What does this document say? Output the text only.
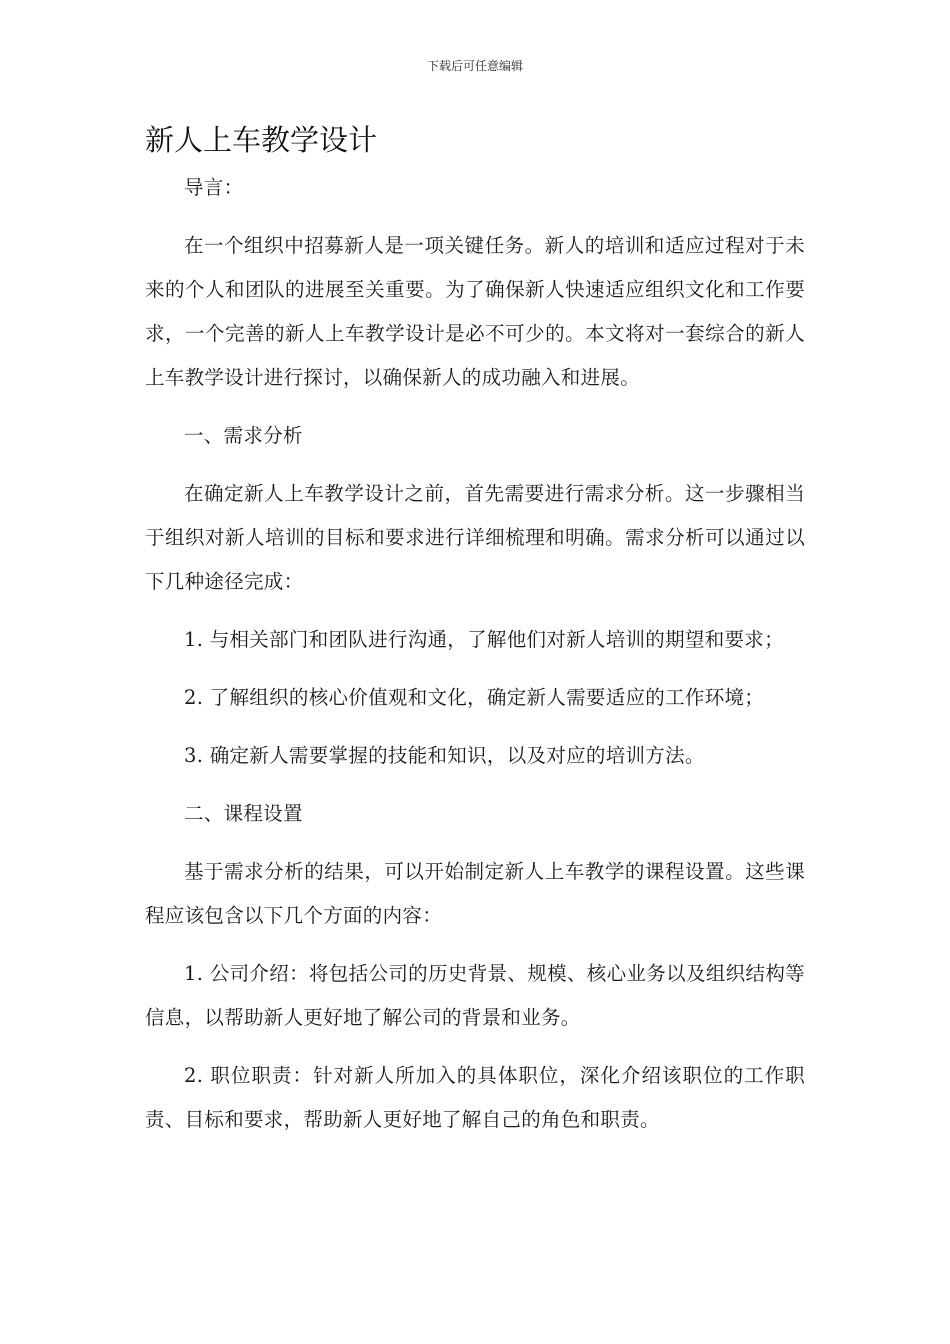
下载后可任意编辑
新人上车教学设计

导言：

在一个组织中招募新人是一项关键任务。新人的培训和适应过程对于未来的个人和团队的进展至关重要。为了确保新人快速适应组织文化和工作要求，一个完善的新人上车教学设计是必不可少的。本文将对一套综合的新人上车教学设计进行探讨，以确保新人的成功融入和进展。

一、需求分析

在确定新人上车教学设计之前，首先需要进行需求分析。这一步骤相当于组织对新人培训的目标和要求进行详细梳理和明确。需求分析可以通过以下几种途径完成：

1. 与相关部门和团队进行沟通，了解他们对新人培训的期望和要求；

2. 了解组织的核心价值观和文化，确定新人需要适应的工作环境；

3. 确定新人需要掌握的技能和知识，以及对应的培训方法。

二、课程设置

基于需求分析的结果，可以开始制定新人上车教学的课程设置。这些课程应该包含以下几个方面的内容：

1. 公司介绍：将包括公司的历史背景、规模、核心业务以及组织结构等信息，以帮助新人更好地了解公司的背景和业务。

2. 职位职责：针对新人所加入的具体职位，深化介绍该职位的工作职责、目标和要求，帮助新人更好地了解自己的角色和职责。
